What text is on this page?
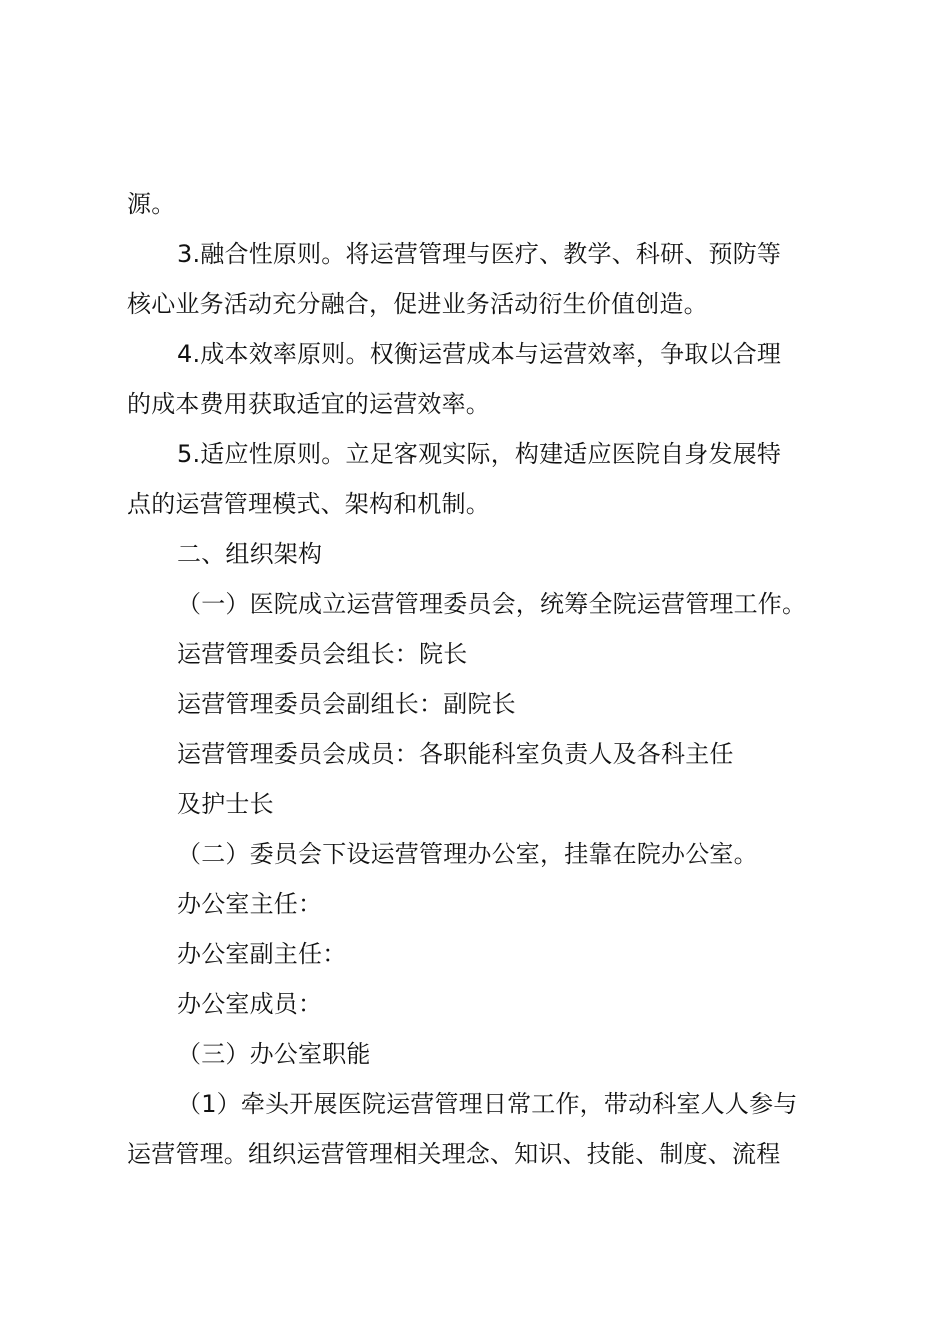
源。
3.融合性原则。将运营管理与医疗、教学、科研、预防等
核心业务活动充分融合，促进业务活动衍生价值创造。
4.成本效率原则。权衡运营成本与运营效率，争取以合理
的成本费用获取适宜的运营效率。
5.适应性原则。立足客观实际，构建适应医院自身发展特
点的运营管理模式、架构和机制。
二、组织架构
（一）医院成立运营管理委员会，统筹全院运营管理工作。
运营管理委员会组长：院长
运营管理委员会副组长：副院长
运营管理委员会成员：各职能科室负责人及各科主任
及护士长
（二）委员会下设运营管理办公室，挂靠在院办公室。
办公室主任：
办公室副主任：
办公室成员：
（三）办公室职能
（1）牵头开展医院运营管理日常工作，带动科室人人参与
运营管理。组织运营管理相关理念、知识、技能、制度、流程
